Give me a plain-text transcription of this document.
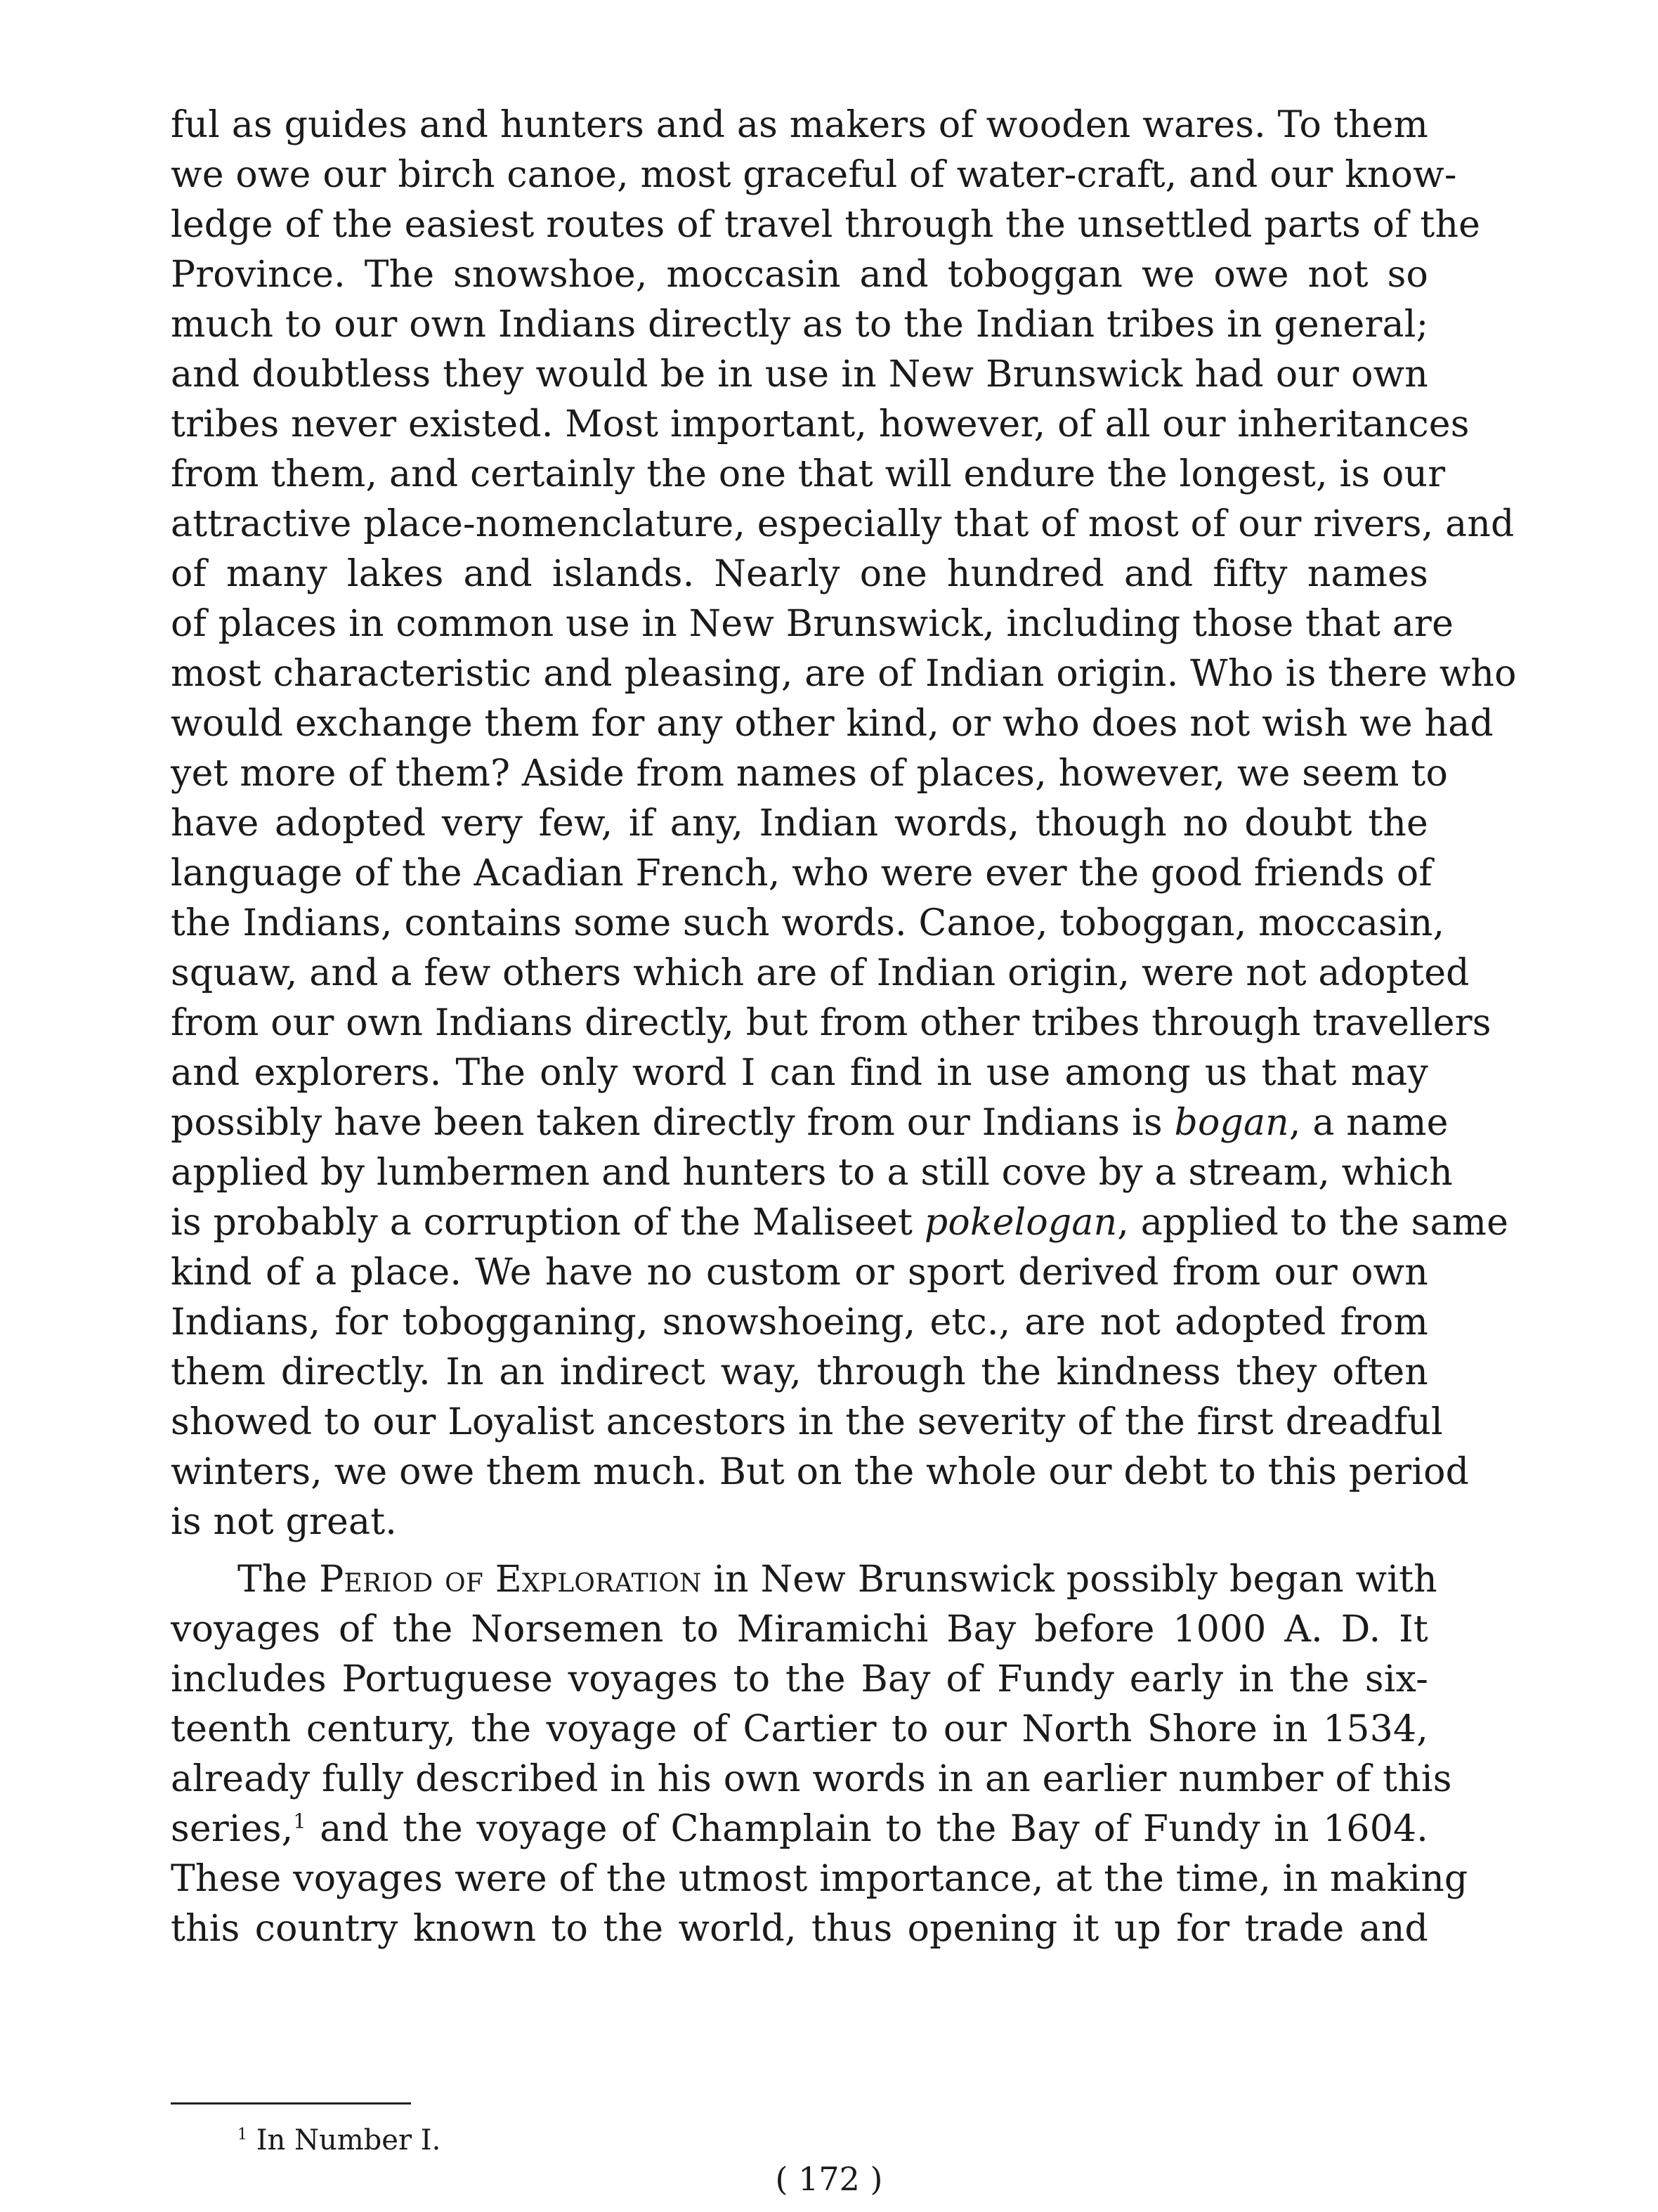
ful as guides and hunters and as makers of wooden wares. To them
we owe our birch canoe, most graceful of water-craft, and our know-
ledge of the easiest routes of travel through the unsettled parts of the
Province. The snowshoe, moccasin and toboggan we owe not so
much to our own Indians directly as to the Indian tribes in general;
and doubtless they would be in use in New Brunswick had our own
tribes never existed. Most important, however, of all our inheritances
from them, and certainly the one that will endure the longest, is our
attractive place-nomenclature, especially that of most of our rivers, and
of many lakes and islands. Nearly one hundred and fifty names
of places in common use in New Brunswick, including those that are
most characteristic and pleasing, are of Indian origin. Who is there who
would exchange them for any other kind, or who does not wish we had
yet more of them? Aside from names of places, however, we seem to
have adopted very few, if any, Indian words, though no doubt the
language of the Acadian French, who were ever the good friends of
the Indians, contains some such words. Canoe, toboggan, moccasin,
squaw, and a few others which are of Indian origin, were not adopted
from our own Indians directly, but from other tribes through travellers
and explorers. The only word I can find in use among us that may
possibly have been taken directly from our Indians is bogan, a name
applied by lumbermen and hunters to a still cove by a stream, which
is probably a corruption of the Maliseet pokelogan, applied to the same
kind of a place. We have no custom or sport derived from our own
Indians, for tobogganing, snowshoeing, etc., are not adopted from
them directly. In an indirect way, through the kindness they often
showed to our Loyalist ancestors in the severity of the first dreadful
winters, we owe them much. But on the whole our debt to this period
is not great.
The Period of Exploration in New Brunswick possibly began with
voyages of the Norsemen to Miramichi Bay before 1000 A. D. It
includes Portuguese voyages to the Bay of Fundy early in the six-
teenth century, the voyage of Cartier to our North Shore in 1534,
already fully described in his own words in an earlier number of this
series,$^1$ and the voyage of Champlain to the Bay of Fundy in 1604.
These voyages were of the utmost importance, at the time, in making
this country known to the world, thus opening it up for trade and
$^1$ In Number I.
( 172 )
